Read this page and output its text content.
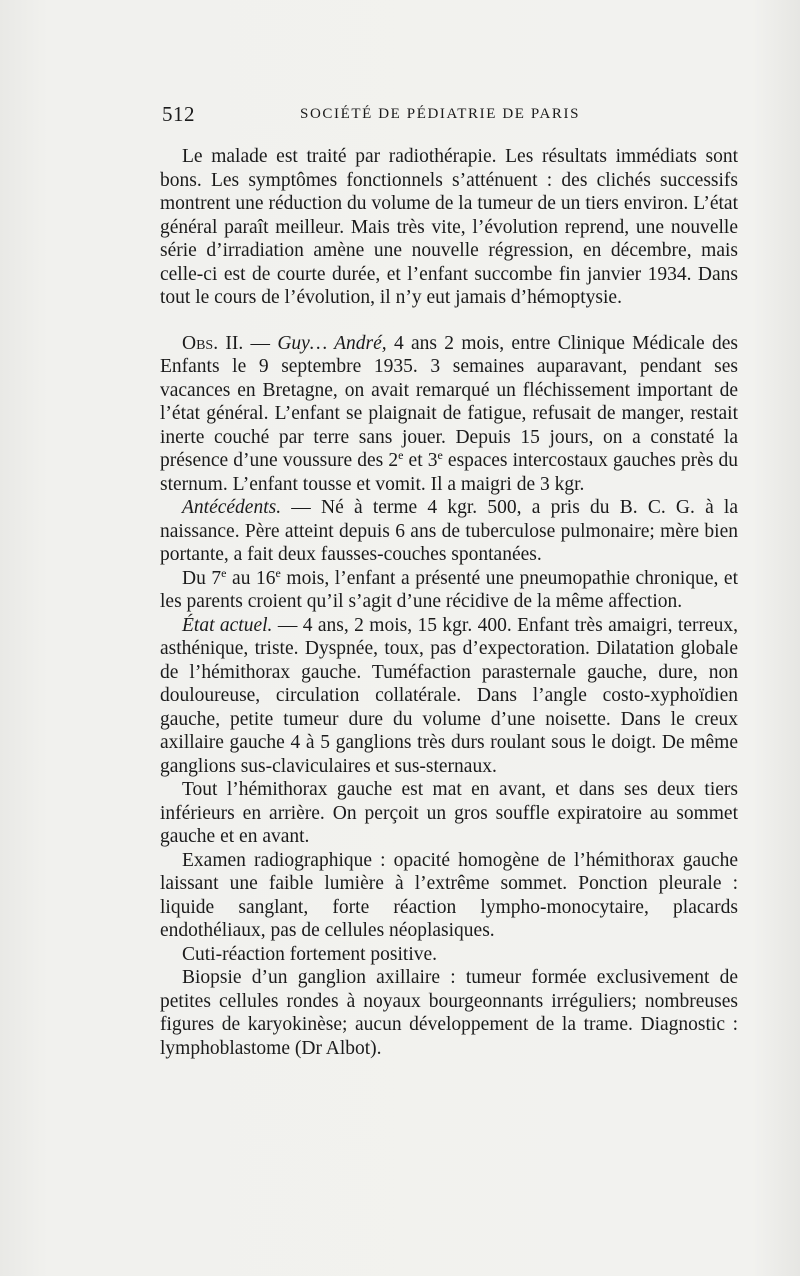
512	SOCIÉTÉ DE PÉDIATRIE DE PARIS

Le malade est traité par radiothérapie. Les résultats immédiats sont bons. Les symptômes fonctionnels s’atténuent : des clichés successifs montrent une réduction du volume de la tumeur de un tiers environ. L’état général paraît meilleur. Mais très vite, l’évolution reprend, une nouvelle série d’irradiation amène une nouvelle régression, en décembre, mais celle-ci est de courte durée, et l’enfant succombe fin janvier 1934. Dans tout le cours de l’évolution, il n’y eut jamais d’hémoptysie.

Obs. II. — Guy… André, 4 ans 2 mois, entre Clinique Médicale des Enfants le 9 septembre 1935. 3 semaines auparavant, pendant ses vacances en Bretagne, on avait remarqué un fléchissement important de l’état général. L’enfant se plaignait de fatigue, refusait de manger, restait inerte couché par terre sans jouer. Depuis 15 jours, on a constaté la présence d’une voussure des 2e et 3e espaces intercostaux gauches près du sternum. L’enfant tousse et vomit. Il a maigri de 3 kgr.

Antécédents. — Né à terme 4 kgr. 500, a pris du B. C. G. à la naissance. Père atteint depuis 6 ans de tuberculose pulmonaire; mère bien portante, a fait deux fausses-couches spontanées.

Du 7e au 16e mois, l’enfant a présenté une pneumopathie chronique, et les parents croient qu’il s’agit d’une récidive de la même affection.

État actuel. — 4 ans, 2 mois, 15 kgr. 400. Enfant très amaigri, terreux, asthénique, triste. Dyspnée, toux, pas d’expectoration. Dilatation globale de l’hémithorax gauche. Tuméfaction parasternale gauche, dure, non douloureuse, circulation collatérale. Dans l’angle costo-xyphoïdien gauche, petite tumeur dure du volume d’une noisette. Dans le creux axillaire gauche 4 à 5 ganglions très durs roulant sous le doigt. De même ganglions sus-claviculaires et sus-sternaux.

Tout l’hémithorax gauche est mat en avant, et dans ses deux tiers inférieurs en arrière. On perçoit un gros souffle expiratoire au sommet gauche et en avant.

Examen radiographique : opacité homogène de l’hémithorax gauche laissant une faible lumière à l’extrême sommet. Ponction pleurale : liquide sanglant, forte réaction lympho-monocytaire, placards endothéliaux, pas de cellules néoplasiques.

Cuti-réaction fortement positive.

Biopsie d’un ganglion axillaire : tumeur formée exclusivement de petites cellules rondes à noyaux bourgeonnants irréguliers; nombreuses figures de karyokinèse; aucun développement de la trame. Diagnostic : lymphoblastome (Dr Albot).
